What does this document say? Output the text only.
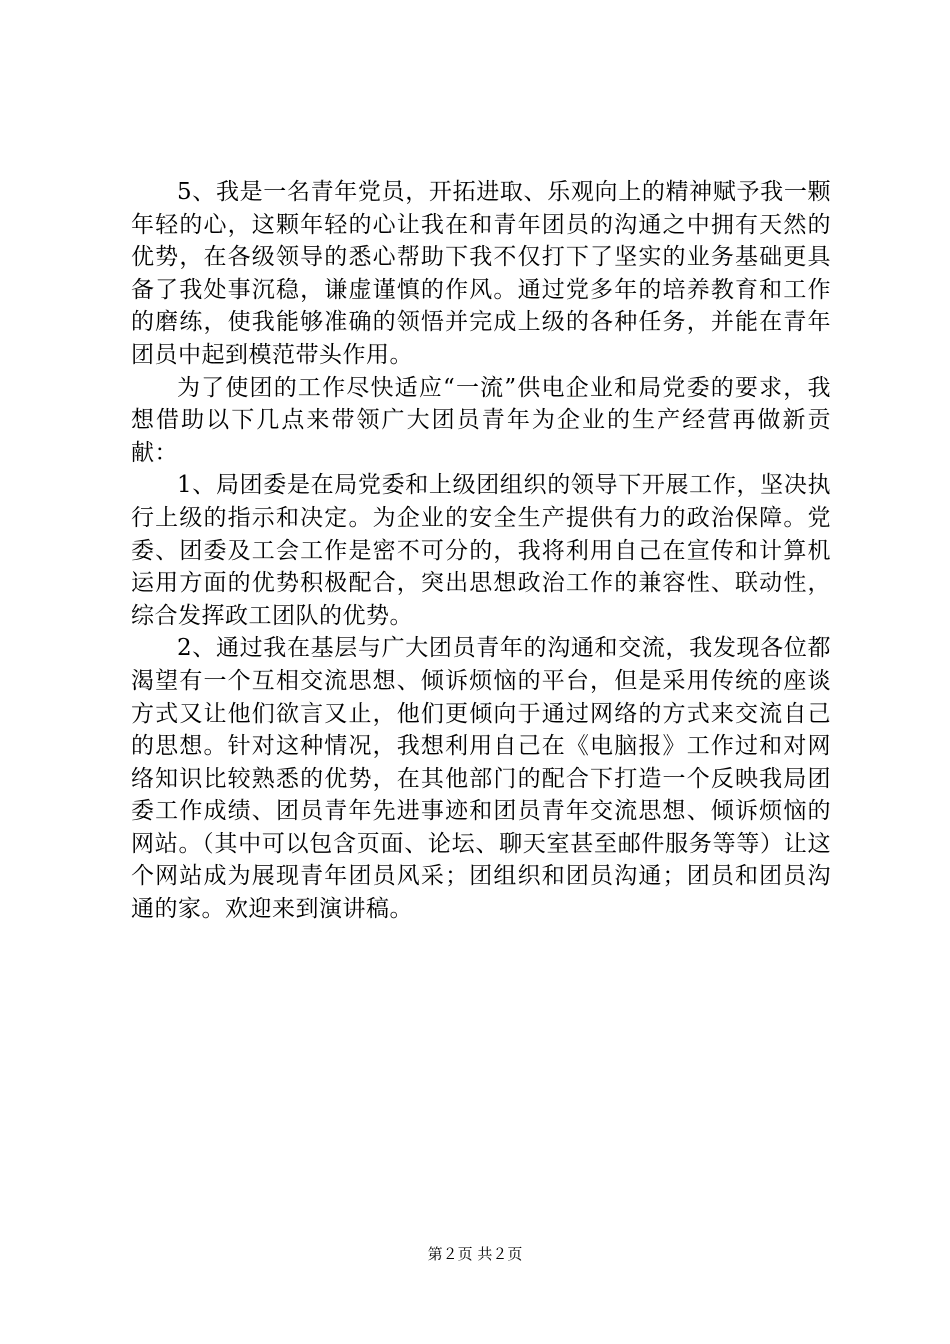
5、我是一名青年党员，开拓进取、乐观向上的精神赋予我一颗年轻的心，这颗年轻的心让我在和青年团员的沟通之中拥有天然的优势，在各级领导的悉心帮助下我不仅打下了坚实的业务基础更具备了我处事沉稳，谦虚谨慎的作风。通过党多年的培养教育和工作的磨练，使我能够准确的领悟并完成上级的各种任务，并能在青年团员中起到模范带头作用。

为了使团的工作尽快适应“一流”供电企业和局党委的要求，我想借助以下几点来带领广大团员青年为企业的生产经营再做新贡献：

1、局团委是在局党委和上级团组织的领导下开展工作，坚决执行上级的指示和决定。为企业的安全生产提供有力的政治保障。党委、团委及工会工作是密不可分的，我将利用自己在宣传和计算机运用方面的优势积极配合，突出思想政治工作的兼容性、联动性，综合发挥政工团队的优势。

2、通过我在基层与广大团员青年的沟通和交流，我发现各位都渴望有一个互相交流思想、倾诉烦恼的平台，但是采用传统的座谈方式又让他们欲言又止，他们更倾向于通过网络的方式来交流自己的思想。针对这种情况，我想利用自己在《电脑报》工作过和对网络知识比较熟悉的优势，在其他部门的配合下打造一个反映我局团委工作成绩、团员青年先进事迹和团员青年交流思想、倾诉烦恼的网站。（其中可以包含页面、论坛、聊天室甚至邮件服务等等）让这个网站成为展现青年团员风采；团组织和团员沟通；团员和团员沟通的家。欢迎来到演讲稿。

第２页 共２页
